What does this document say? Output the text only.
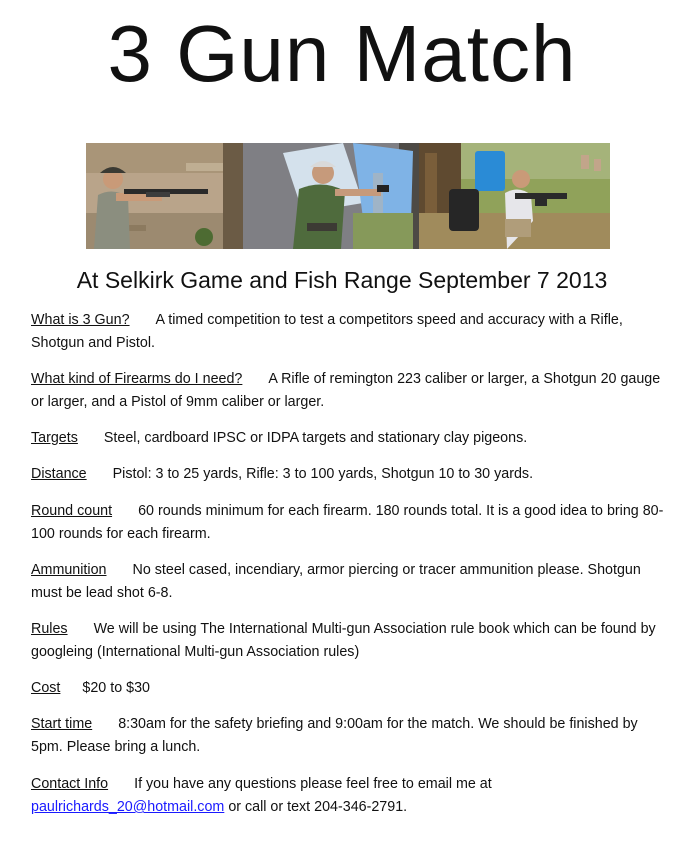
3 Gun Match
At Selkirk Game and Fish Range September 7 2013
What is 3 Gun? A timed competition to test a competitors speed and accuracy with a Rifle, Shotgun and Pistol.
What kind of Firearms do I need? A Rifle of remington 223 caliber or larger, a Shotgun 20 gauge or larger, and a Pistol of 9mm caliber or larger.
Targets Steel, cardboard IPSC or IDPA targets and stationary clay pigeons.
Distance Pistol: 3 to 25 yards, Rifle: 3 to 100 yards, Shotgun 10 to 30 yards.
Round count 60 rounds minimum for each firearm. 180 rounds total. It is a good idea to bring 80-100 rounds for each firearm.
Ammunition No steel cased, incendiary, armor piercing or tracer ammunition please. Shotgun must be lead shot 6-8.
Rules We will be using The International Multi-gun Association rule book which can be found by googleing (International Multi-gun Association rules)
Cost $20 to $30
Start time 8:30am for the safety briefing and 9:00am for the match. We should be finished by 5pm. Please bring a lunch.
Contact Info If you have any questions please feel free to email me at
paulrichards_20@hotmail.com or call or text 204-346-2791.
